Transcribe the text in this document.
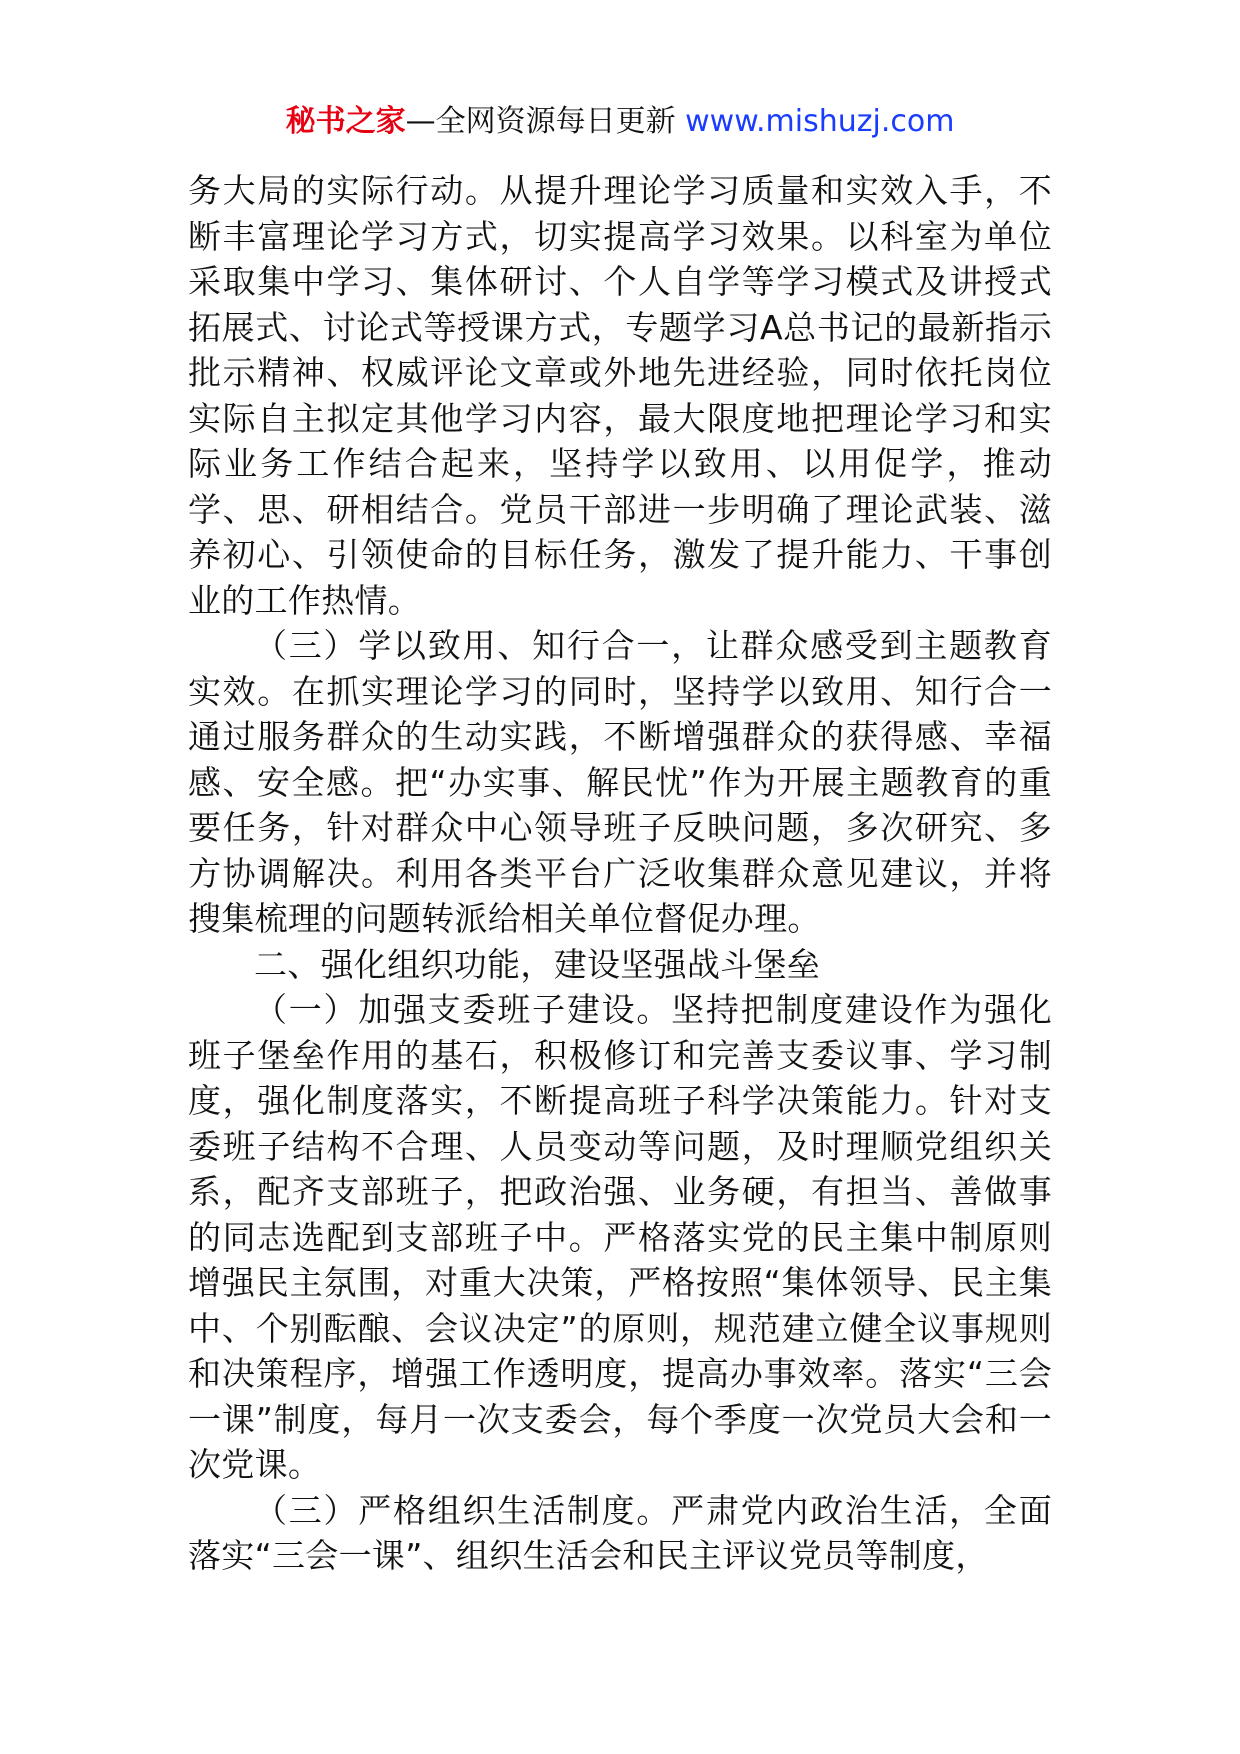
秘书之家—全网资源每日更新 www.mishuzj.com

务大局的实际行动。从提升理论学习质量和实效入手，不断丰富理论学习方式，切实提高学习效果。以科室为单位采取集中学习、集体研讨、个人自学等学习模式及讲授式拓展式、讨论式等授课方式，专题学习A总书记的最新指示批示精神、权威评论文章或外地先进经验，同时依托岗位实际自主拟定其他学习内容，最大限度地把理论学习和实际业务工作结合起来，坚持学以致用、以用促学，推动学、思、研相结合。党员干部进一步明确了理论武装、滋养初心、引领使命的目标任务，激发了提升能力、干事创业的工作热情。

（三）学以致用、知行合一，让群众感受到主题教育实效。在抓实理论学习的同时，坚持学以致用、知行合一通过服务群众的生动实践，不断增强群众的获得感、幸福感、安全感。把“办实事、解民忧”作为开展主题教育的重要任务，针对群众中心领导班子反映问题，多次研究、多方协调解决。利用各类平台广泛收集群众意见建议，并将搜集梳理的问题转派给相关单位督促办理。

二、强化组织功能，建设坚强战斗堡垒

（一）加强支委班子建设。坚持把制度建设作为强化班子堡垒作用的基石，积极修订和完善支委议事、学习制度，强化制度落实，不断提高班子科学决策能力。针对支委班子结构不合理、人员变动等问题，及时理顺党组织关系，配齐支部班子，把政治强、业务硬，有担当、善做事的同志选配到支部班子中。严格落实党的民主集中制原则增强民主氛围，对重大决策，严格按照“集体领导、民主集中、个别酝酿、会议决定”的原则，规范建立健全议事规则和决策程序，增强工作透明度，提高办事效率。落实“三会一课”制度，每月一次支委会，每个季度一次党员大会和一次党课。

（三）严格组织生活制度。严肃党内政治生活，全面落实“三会一课”、组织生活会和民主评议党员等制度，
